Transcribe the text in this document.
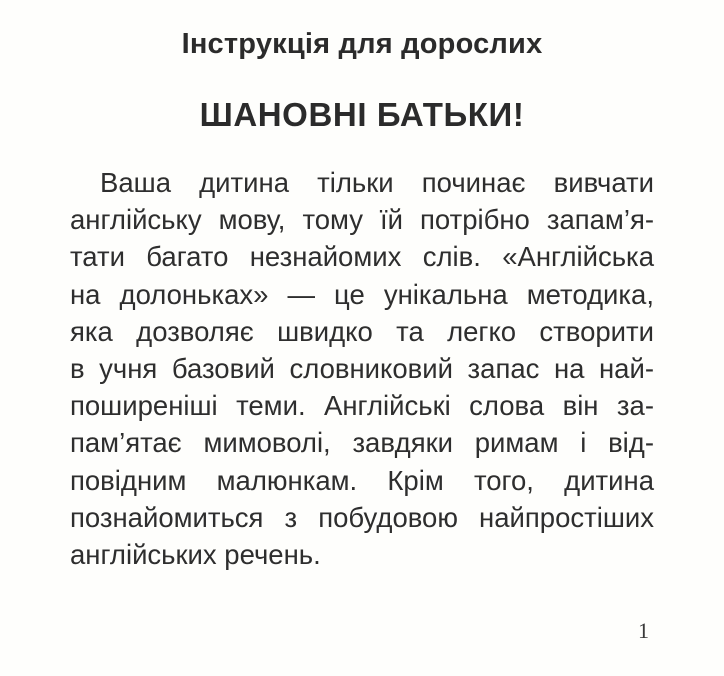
Інструкція для дорослих
ШАНОВНІ БАТЬКИ!

Ваша дитина тільки починає вивчати
англійську мову, тому їй потрібно запам’я-
тати багато незнайомих слів. «Англійська
на долоньках» — це унікальна методика,
яка дозволяє швидко та легко створити
в учня базовий словниковий запас на най-
поширеніші теми. Англійські слова він за-
пам’ятає мимоволі, завдяки римам і від-
повідним малюнкам. Крім того, дитина
познайомиться з побудовою найпростіших
англійських речень.

1
